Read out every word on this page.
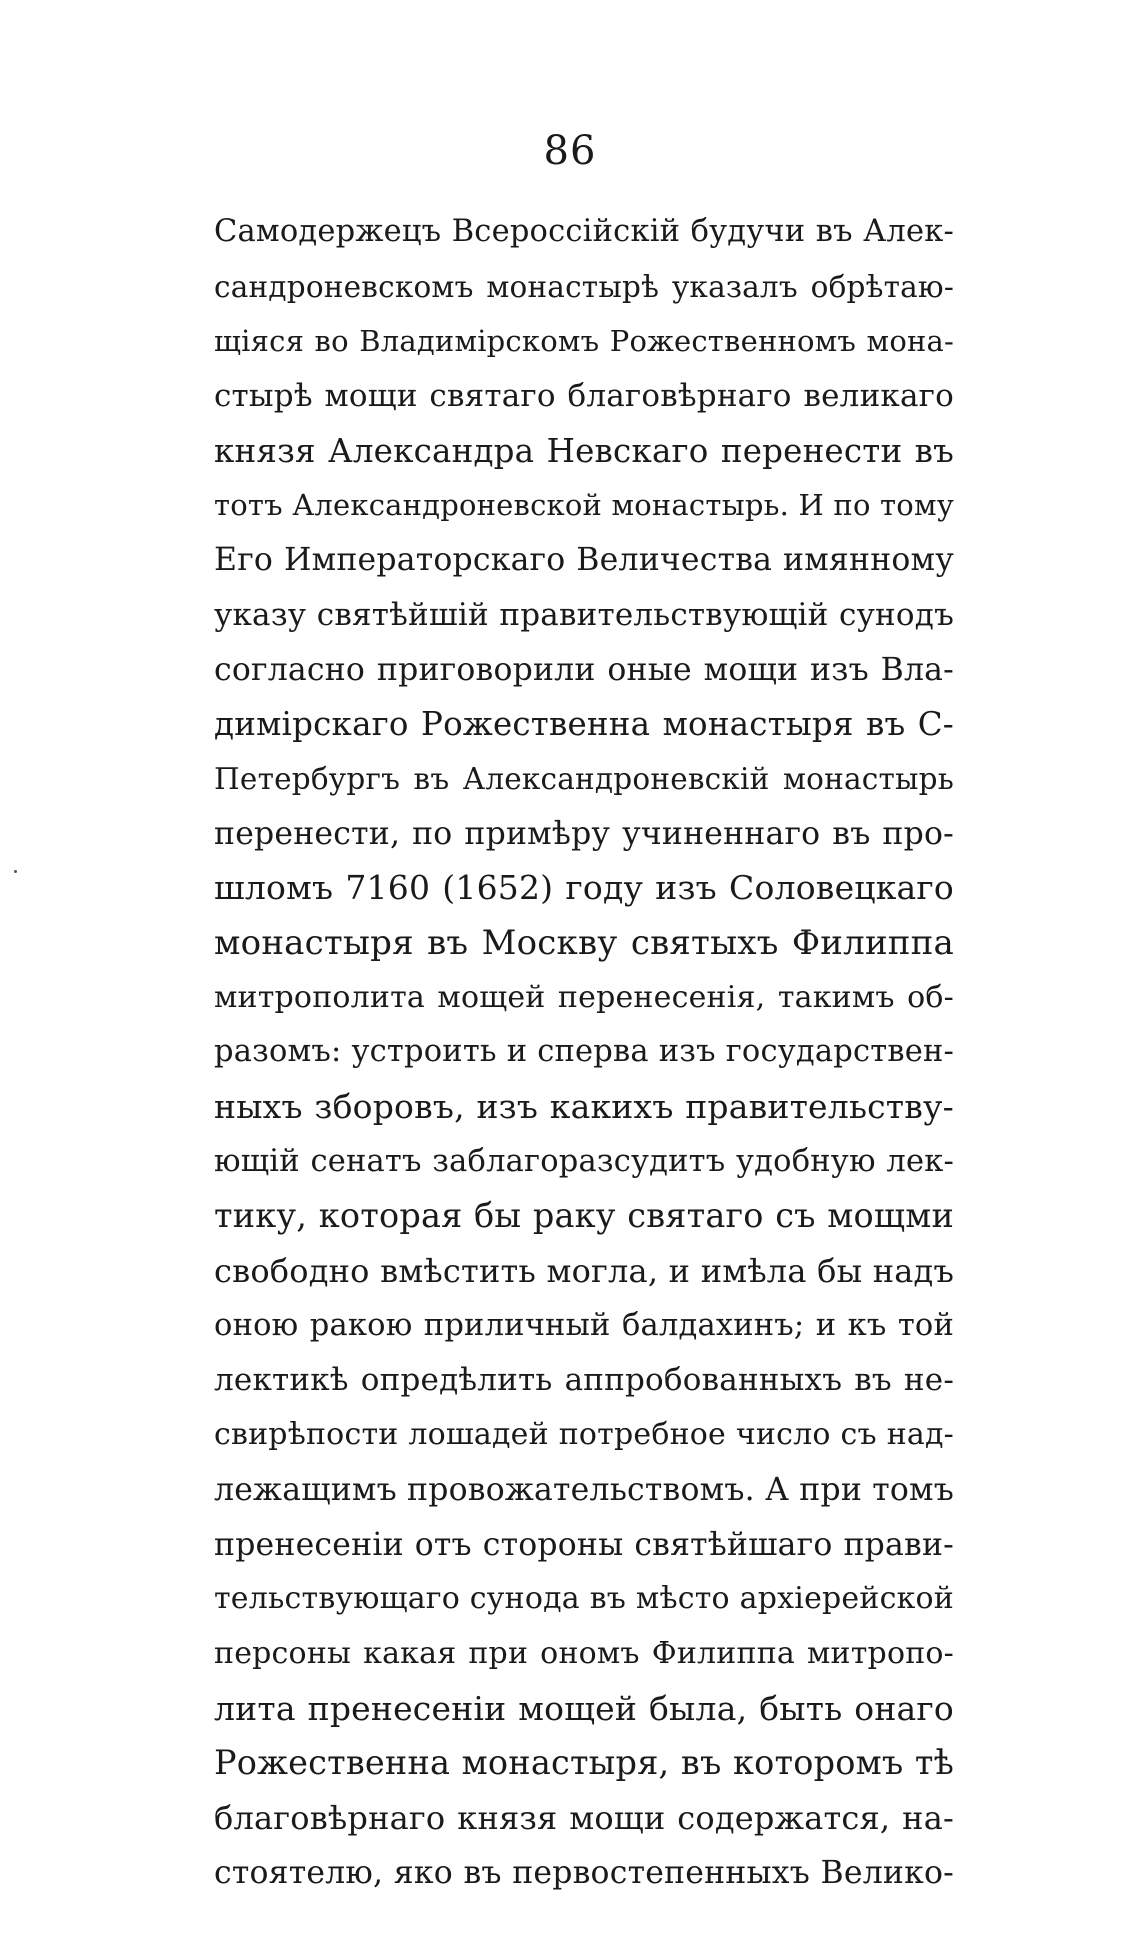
86
Самодержецъ Всероссійскій будучи въ Алек-
сандроневскомъ монастырѣ указалъ обрѣтаю-
щіяся во Владимірскомъ Рожественномъ мона-
стырѣ мощи святаго благовѣрнаго великаго
князя Александра Невскаго перенести въ
тотъ Александроневской монастырь. И по тому
Его Императорскаго Величества имянному
указу святѣйшій правительствующій сунодъ
согласно приговорили оные мощи изъ Вла-
димірскаго Рожественна монастыря въ С-
Петербургъ въ Александроневскій монастырь
перенести, по примѣру учиненнаго въ про-
шломъ 7160 (1652) году изъ Соловецкаго
монастыря въ Москву святыхъ Филиппа
митрополита мощей перенесенія, такимъ об-
разомъ: устроить и сперва изъ государствен-
ныхъ зборовъ, изъ какихъ правительству-
ющій сенатъ заблагоразсудитъ удобную лек-
тику, которая бы раку святаго съ мощми
свободно вмѣстить могла, и имѣла бы надъ
оною ракою приличный балдахинъ; и къ той
лектикѣ опредѣлить аппробованныхъ въ не-
свирѣпости лошадей потребное число съ над-
лежащимъ провожательствомъ. А при томъ
пренесеніи отъ стороны святѣйшаго прави-
тельствующаго сунода въ мѣсто архіерейской
персоны какая при ономъ Филиппа митропо-
лита пренесеніи мощей была, быть онаго
Рожественна монастыря, въ которомъ тѣ
благовѣрнаго князя мощи содержатся, на-
стоятелю, яко въ первостепенныхъ Велико-
